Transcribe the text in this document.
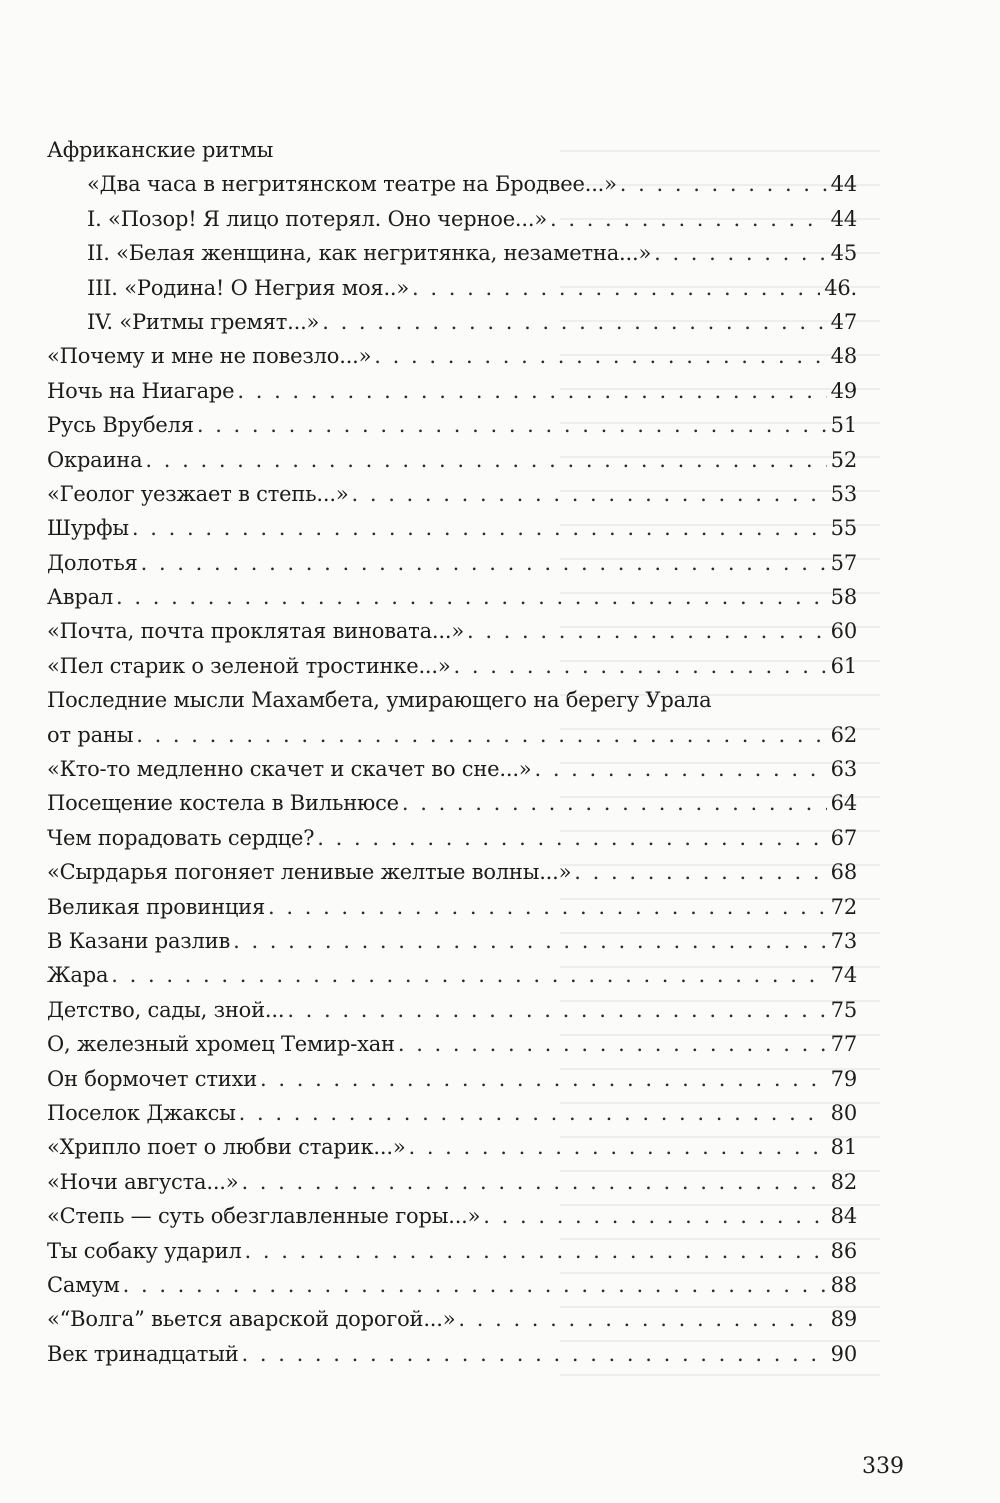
Африканские ритмы
«Два часа в негритянском театре на Бродвее...» . . .	44
I. «Позор! Я лицо потерял. Оно черное...» . . .	44
II. «Белая женщина, как негритянка, незаметна...» . . .	45
III. «Родина! О Негрия моя..» . . .	46.
IV. «Ритмы гремят...» . . .	47
«Почему и мне не повезло...» . . .	48
Ночь на Ниагаре . . .	49
Русь Врубеля . . .	51
Окраина . . .	52
«Геолог уезжает в степь...» . . .	53
Шурфы . . .	55
Долотья . . .	57
Аврал . . .	58
«Почта, почта проклятая виновата...» . . .	60
«Пел старик о зеленой тростинке...» . . .	61
Последние мысли Махамбета, умирающего на берегу Урала
от раны . . .	62
«Кто-то медленно скачет и скачет во сне...» . . .	63
Посещение костела в Вильнюсе . . .	64
Чем порадовать сердце? . . .	67
«Сырдарья погоняет ленивые желтые волны...» . . .	68
Великая провинция . . .	72
В Казани разлив . . .	73
Жара . . .	74
Детство, сады, зной... . . .	75
О, железный хромец Темир-хан . . .	77
Он бормочет стихи . . .	79
Поселок Джаксы . . .	80
«Хрипло поет о любви старик...» . . .	81
«Ночи августа...» . . .	82
«Степь — суть обезглавленные горы...» . . .	84
Ты собаку ударил . . .	86
Самум . . .	88
«“Волга” вьется аварской дорогой...» . . .	89
Век тринадцатый . . .	90
339
